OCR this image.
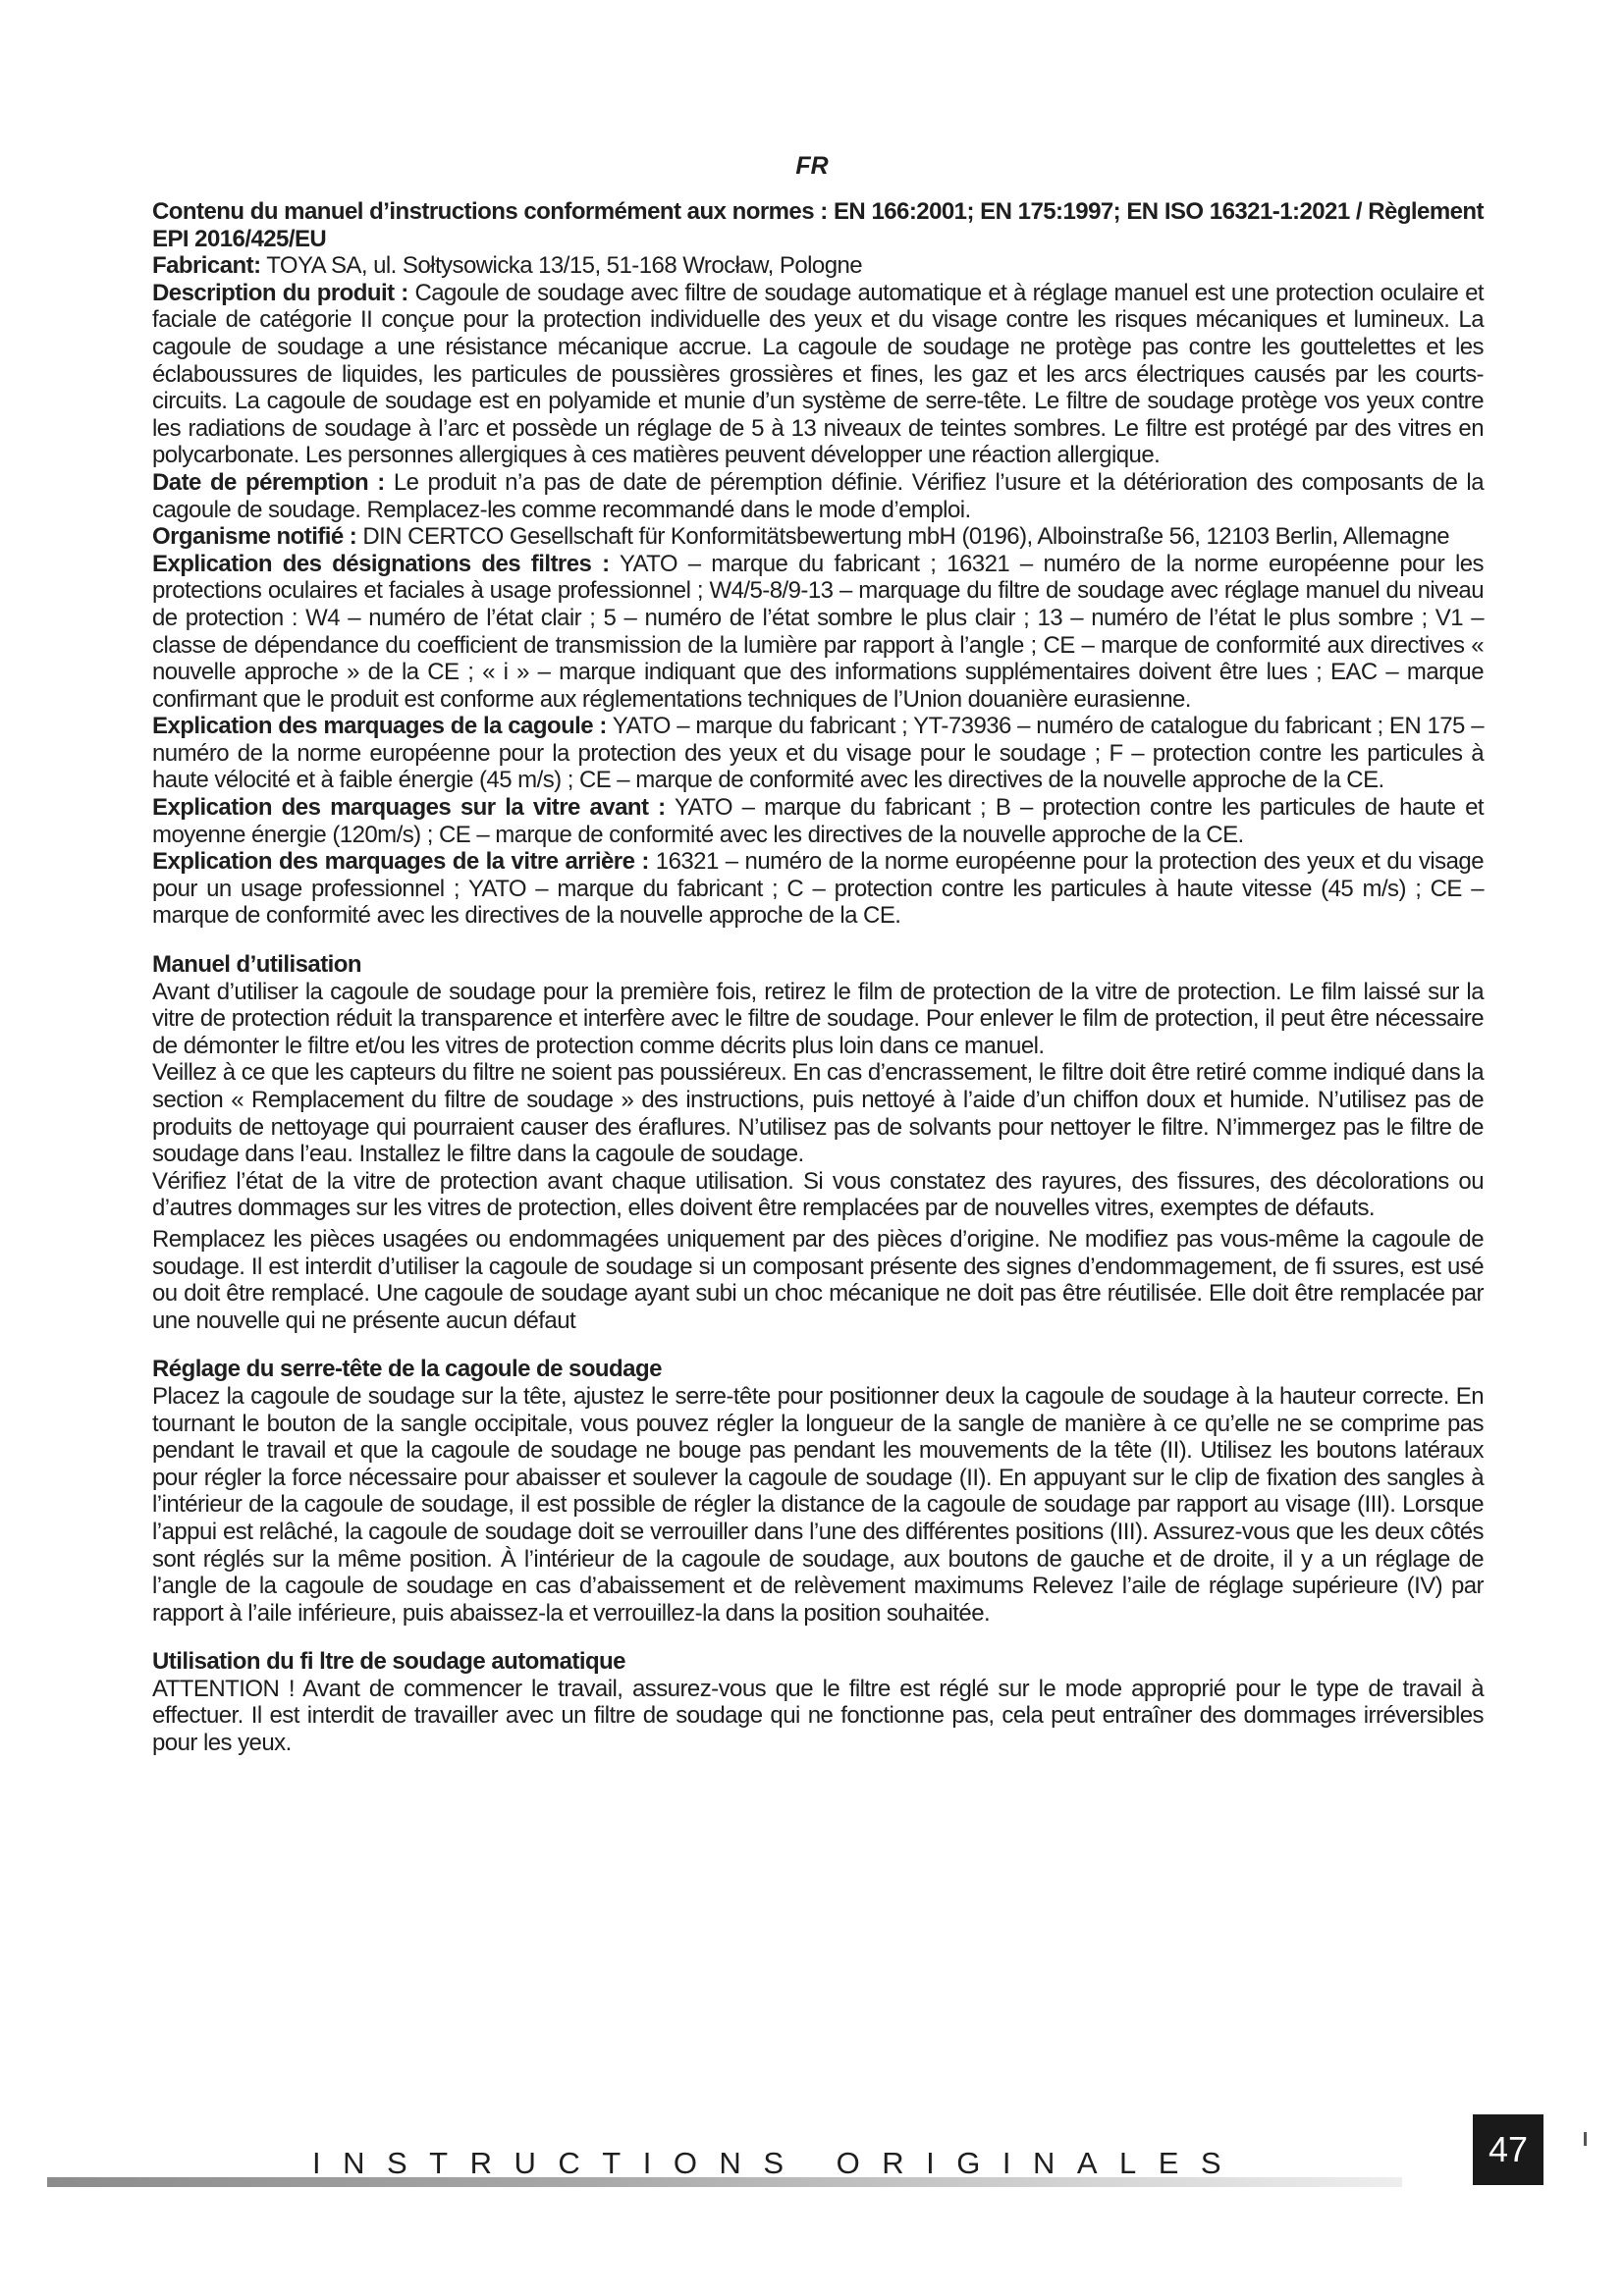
FR

Contenu du manuel d’instructions conformément aux normes : EN 166:2001; EN 175:1997; EN ISO 16321-1:2021 / Règlement EPI 2016/425/EU

Fabricant: TOYA SA, ul. Sołtysowicka 13/15, 51-168 Wrocław, Pologne

Description du produit : Cagoule de soudage avec filtre de soudage automatique et à réglage manuel est une protection oculaire et faciale de catégorie II conçue pour la protection individuelle des yeux et du visage contre les risques mécaniques et lumineux. La cagoule de soudage a une résistance mécanique accrue. La cagoule de soudage ne protège pas contre les gouttelettes et les éclaboussures de liquides, les particules de poussières grossières et fines, les gaz et les arcs électriques causés par les courts-circuits. La cagoule de soudage est en polyamide et munie d’un système de serre-tête. Le filtre de soudage protège vos yeux contre les radiations de soudage à l’arc et possède un réglage de 5 à 13 niveaux de teintes sombres. Le filtre est protégé par des vitres en polycarbonate. Les personnes allergiques à ces matières peuvent développer une réaction allergique.

Date de péremption : Le produit n’a pas de date de péremption définie. Vérifiez l’usure et la détérioration des composants de la cagoule de soudage. Remplacez-les comme recommandé dans le mode d’emploi.

Organisme notifié : DIN CERTCO Gesellschaft für Konformitätsbewertung mbH (0196), Alboinstraße 56, 12103 Berlin, Allemagne

Explication des désignations des filtres : YATO – marque du fabricant ; 16321 – numéro de la norme européenne pour les protections oculaires et faciales à usage professionnel ; W4/5-8/9-13 – marquage du filtre de soudage avec réglage manuel du niveau de protection : W4 – numéro de l’état clair ; 5 – numéro de l’état sombre le plus clair ; 13 – numéro de l’état le plus sombre ; V1 – classe de dépendance du coefficient de transmission de la lumière par rapport à l’angle ; CE – marque de conformité aux directives « nouvelle approche » de la CE ; « i » – marque indiquant que des informations supplémentaires doivent être lues ; EAC – marque confirmant que le produit est conforme aux réglementations techniques de l’Union douanière eurasienne.

Explication des marquages de la cagoule : YATO – marque du fabricant ; YT-73936 – numéro de catalogue du fabricant ; EN 175 – numéro de la norme européenne pour la protection des yeux et du visage pour le soudage ; F – protection contre les particules à haute vélocité et à faible énergie (45 m/s) ; CE – marque de conformité avec les directives de la nouvelle approche de la CE.

Explication des marquages sur la vitre avant : YATO – marque du fabricant ; B – protection contre les particules de haute et moyenne énergie (120m/s) ; CE – marque de conformité avec les directives de la nouvelle approche de la CE.

Explication des marquages de la vitre arrière : 16321 – numéro de la norme européenne pour la protection des yeux et du visage pour un usage professionnel ; YATO – marque du fabricant ; C – protection contre les particules à haute vitesse (45 m/s) ; CE – marque de conformité avec les directives de la nouvelle approche de la CE.

Manuel d’utilisation

Avant d’utiliser la cagoule de soudage pour la première fois, retirez le film de protection de la vitre de protection. Le film laissé sur la vitre de protection réduit la transparence et interfère avec le filtre de soudage. Pour enlever le film de protection, il peut être nécessaire de démonter le filtre et/ou les vitres de protection comme décrits plus loin dans ce manuel.

Veillez à ce que les capteurs du filtre ne soient pas poussiéreux. En cas d’encrassement, le filtre doit être retiré comme indiqué dans la section « Remplacement du filtre de soudage » des instructions, puis nettoyé à l’aide d’un chiffon doux et humide. N’utilisez pas de produits de nettoyage qui pourraient causer des éraflures. N’utilisez pas de solvants pour nettoyer le filtre. N’immergez pas le filtre de soudage dans l’eau. Installez le filtre dans la cagoule de soudage.

Vérifiez l’état de la vitre de protection avant chaque utilisation. Si vous constatez des rayures, des fissures, des décolorations ou d’autres dommages sur les vitres de protection, elles doivent être remplacées par de nouvelles vitres, exemptes de défauts.

Remplacez les pièces usagées ou endommagées uniquement par des pièces d’origine. Ne modifiez pas vous-même la cagoule de soudage. Il est interdit d’utiliser la cagoule de soudage si un composant présente des signes d’endommagement, de fi ssures, est usé ou doit être remplacé. Une cagoule de soudage ayant subi un choc mécanique ne doit pas être réutilisée. Elle doit être remplacée par une nouvelle qui ne présente aucun défaut

Réglage du serre-tête de la cagoule de soudage

Placez la cagoule de soudage sur la tête, ajustez le serre-tête pour positionner deux la cagoule de soudage à la hauteur correcte. En tournant le bouton de la sangle occipitale, vous pouvez régler la longueur de la sangle de manière à ce qu’elle ne se comprime pas pendant le travail et que la cagoule de soudage ne bouge pas pendant les mouvements de la tête (II). Utilisez les boutons latéraux pour régler la force nécessaire pour abaisser et soulever la cagoule de soudage (II). En appuyant sur le clip de fixation des sangles à l’intérieur de la cagoule de soudage, il est possible de régler la distance de la cagoule de soudage par rapport au visage (III). Lorsque l’appui est relâché, la cagoule de soudage doit se verrouiller dans l’une des différentes positions (III). Assurez-vous que les deux côtés sont réglés sur la même position. À l’intérieur de la cagoule de soudage, aux boutons de gauche et de droite, il y a un réglage de l’angle de la cagoule de soudage en cas d’abaissement et de relèvement maximums Relevez l’aile de réglage supérieure (IV) par rapport à l’aile inférieure, puis abaissez-la et verrouillez-la dans la position souhaitée.

Utilisation du fi ltre de soudage automatique

ATTENTION ! Avant de commencer le travail, assurez-vous que le filtre est réglé sur le mode approprié pour le type de travail à effectuer. Il est interdit de travailler avec un filtre de soudage qui ne fonctionne pas, cela peut entraîner des dommages irréversibles pour les yeux.

INSTRUCTIONS ORIGINALES	47
